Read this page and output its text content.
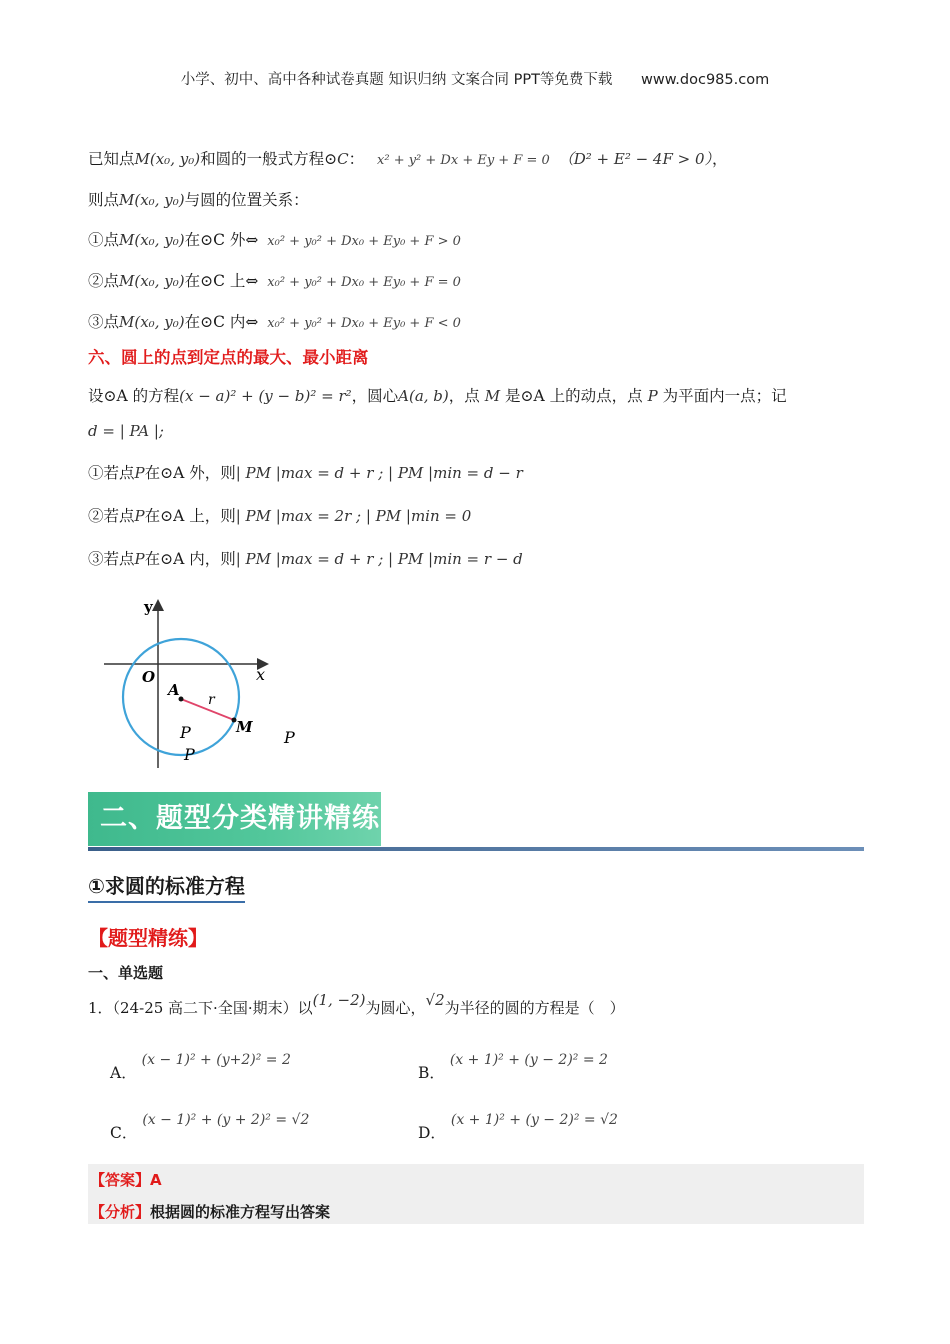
小学、初中、高中各种试卷真题 知识归纳 文案合同 PPT等免费下载 www.doc985.com
已知点M(x₀, y₀)和圆的一般式方程⊙C： x² + y² + Dx + Ey + F = 0 （D² + E² − 4F > 0），
则点M(x₀, y₀)与圆的位置关系：
①点M(x₀, y₀)在⊙C 外⇔ x₀² + y₀² + Dx₀ + Ey₀ + F > 0
②点M(x₀, y₀)在⊙C 上⇔ x₀² + y₀² + Dx₀ + Ey₀ + F = 0
③点M(x₀, y₀)在⊙C 内⇔ x₀² + y₀² + Dx₀ + Ey₀ + F < 0
六、圆上的点到定点的最大、最小距离
设⊙A 的方程(x − a)² + (y − b)² = r²，圆心A(a, b)，点 M 是⊙A 上的动点，点 P 为平面内一点；记
d = | PA |;
①若点P在⊙A 外，则| PM |max = d + r ; | PM |min = d − r
②若点P在⊙A 上，则| PM |max = 2r ; | PM |min = 0
③若点P在⊙A 内，则| PM |max = d + r ; | PM |min = r − d
y
x
O
A
r
M
P
P
P
二、题型分类精讲精练
①求圆的标准方程
【题型精练】
一、单选题
1．（24-25 高二下·全国·期末）以(1, −2)为圆心，√2为半径的圆的方程是（　）
A． (x − 1)² + (y+2)² = 2
B． (x + 1)² + (y − 2)² = 2
C． (x − 1)² + (y + 2)² = √2
D． (x + 1)² + (y − 2)² = √2
【答案】A
【分析】根据圆的标准方程写出答案
